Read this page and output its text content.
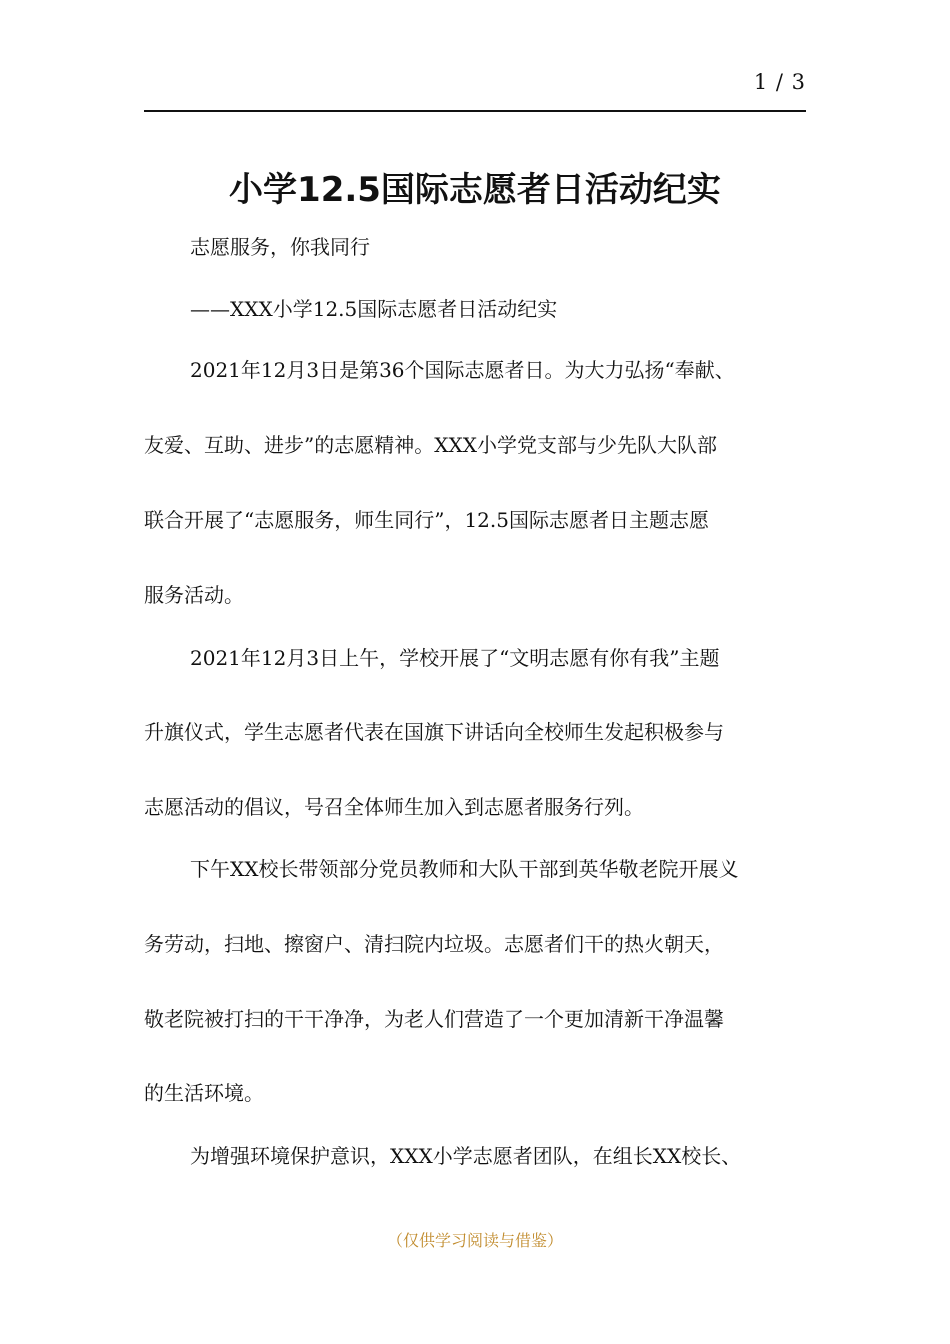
1 / 3
小学12.5国际志愿者日活动纪实

志愿服务，你我同行

——XXX小学12.5国际志愿者日活动纪实

2021年12月3日是第36个国际志愿者日。为大力弘扬“奉献、

友爱、互助、进步”的志愿精神。XXX小学党支部与少先队大队部

联合开展了“志愿服务，师生同行”，12.5国际志愿者日主题志愿

服务活动。

2021年12月3日上午，学校开展了“文明志愿有你有我”主题

升旗仪式，学生志愿者代表在国旗下讲话向全校师生发起积极参与

志愿活动的倡议，号召全体师生加入到志愿者服务行列。

下午XX校长带领部分党员教师和大队干部到英华敬老院开展义

务劳动，扫地、擦窗户、清扫院内垃圾。志愿者们干的热火朝天，

敬老院被打扫的干干净净，为老人们营造了一个更加清新干净温馨

的生活环境。

为增强环境保护意识，XXX小学志愿者团队，在组长XX校长、

（仅供学习阅读与借鉴）
